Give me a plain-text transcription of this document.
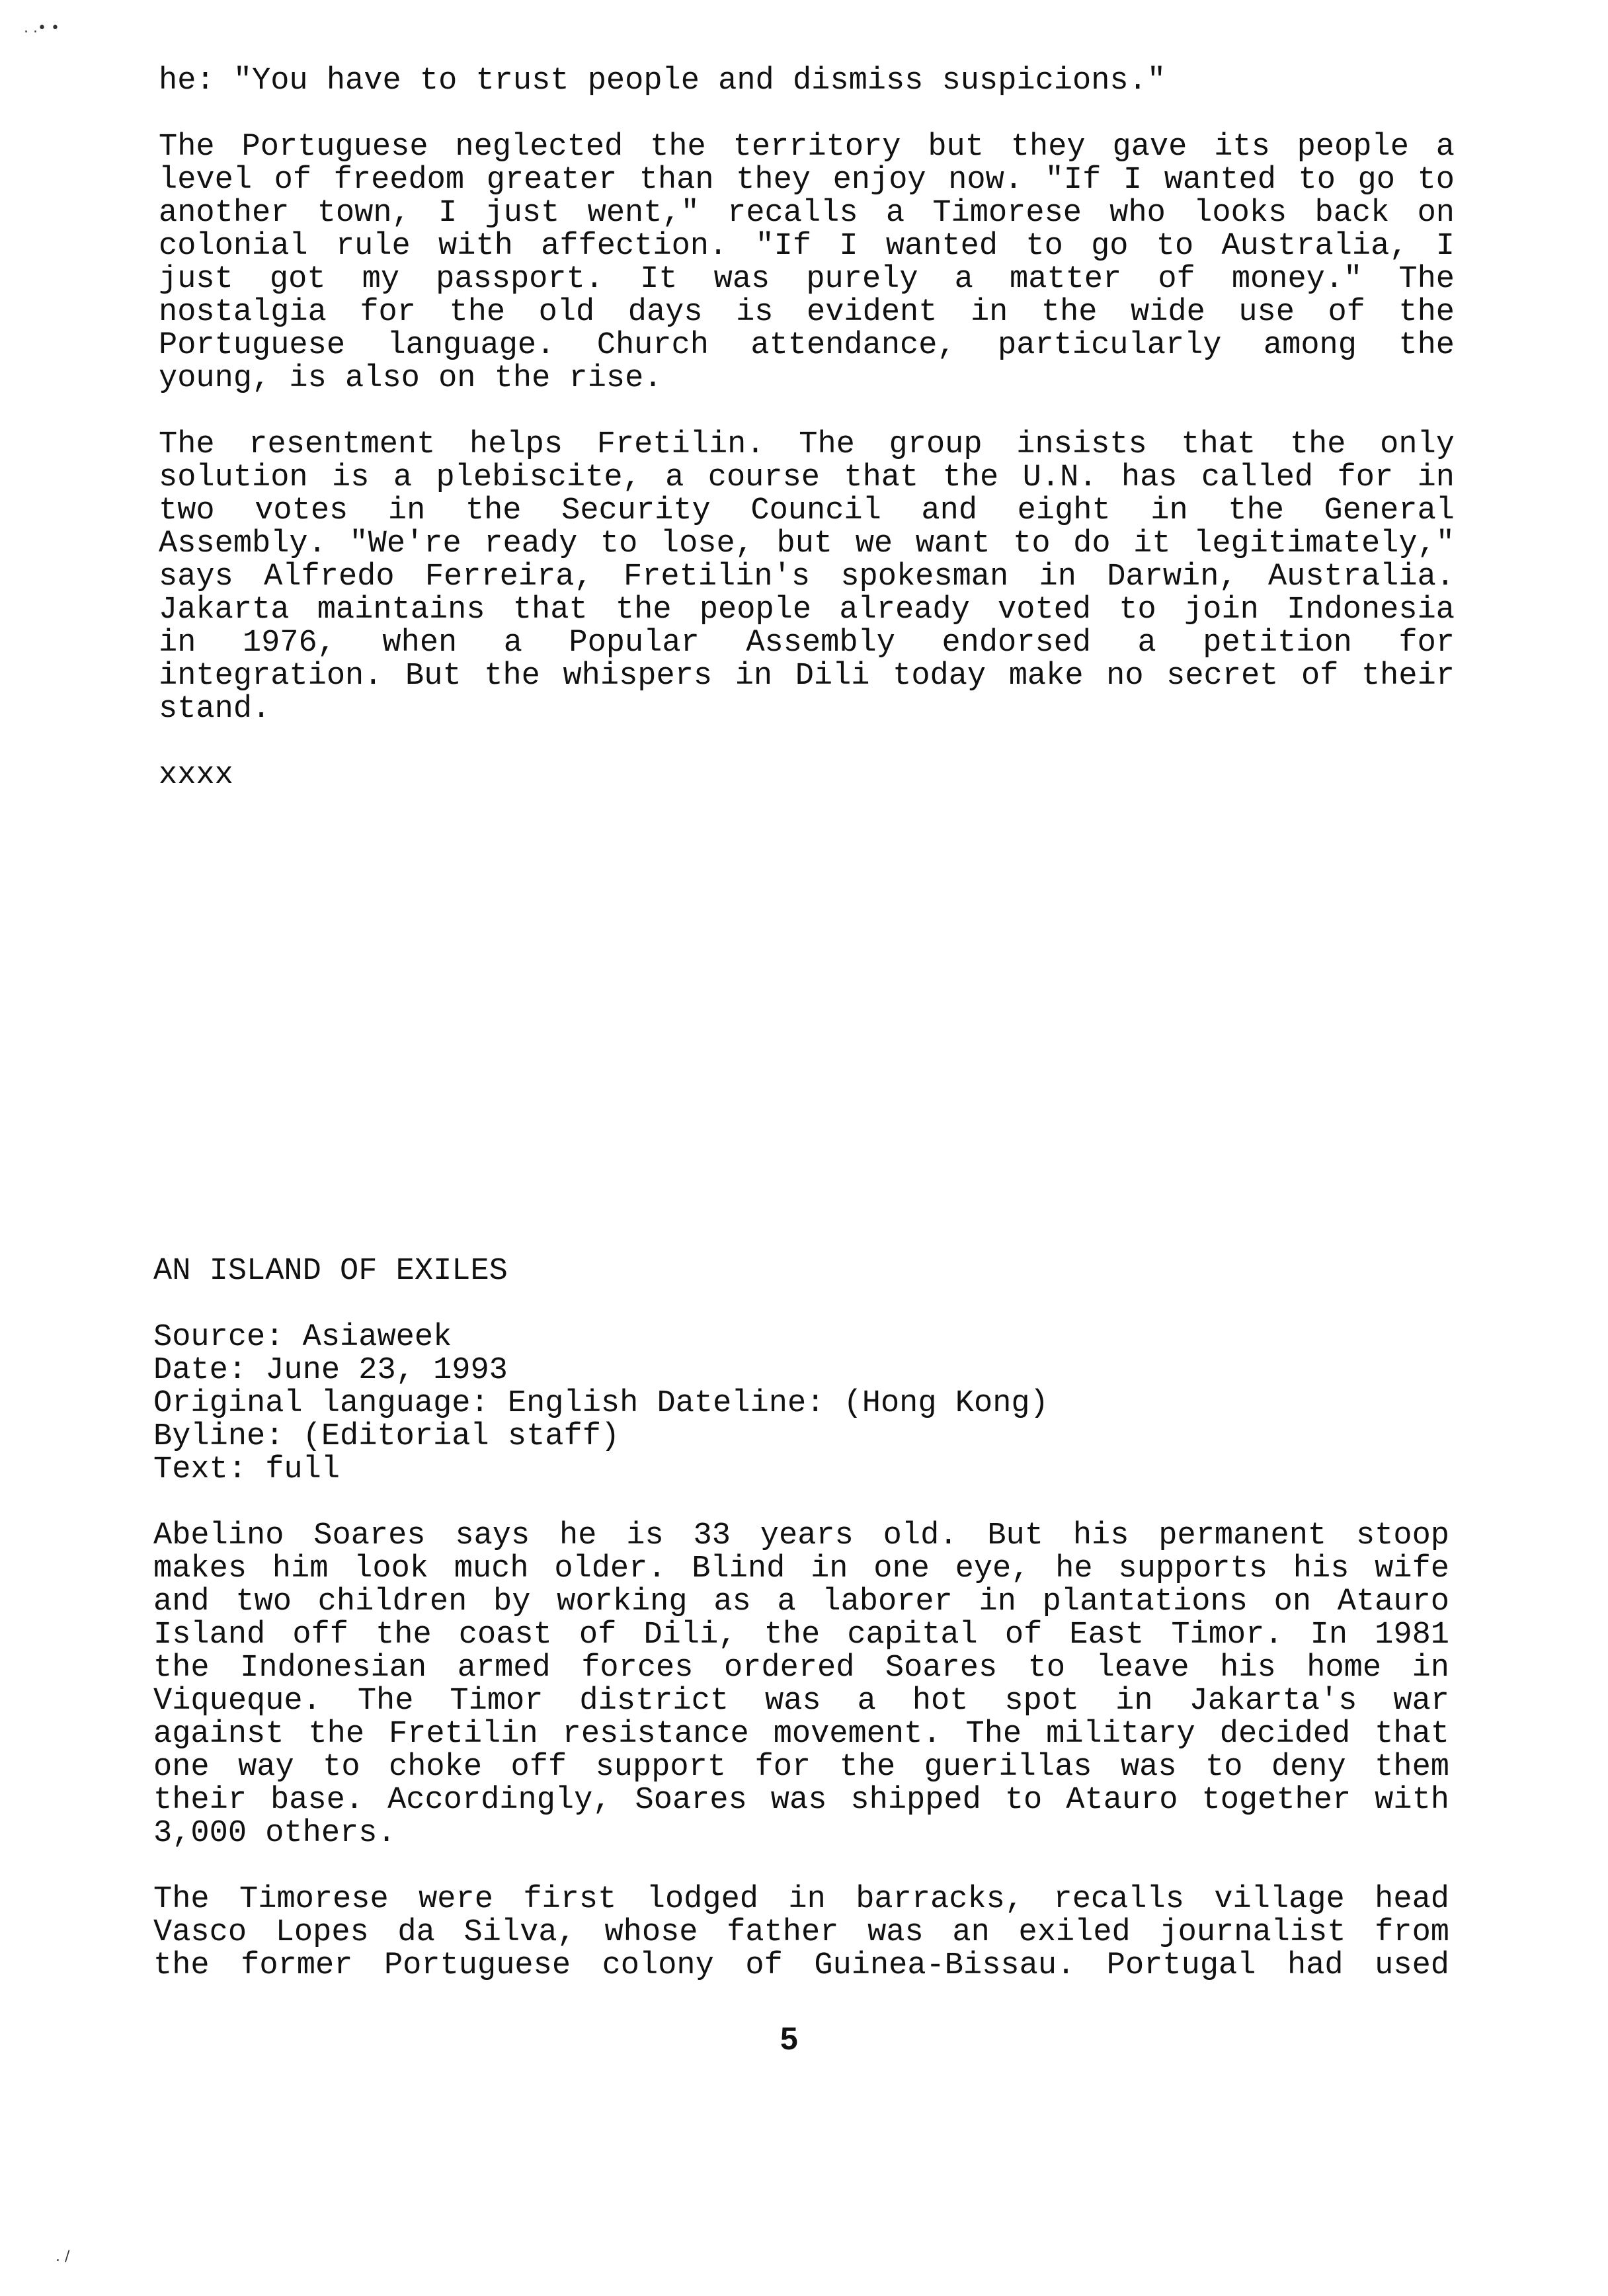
. .• •
. /
he: "You have to trust people and dismiss suspicions."
The Portuguese neglected the territory but they gave its people a
level of freedom greater than they enjoy now. "If I wanted to go to
another town, I just went," recalls a Timorese who looks back on
colonial rule with affection. "If I wanted to go to Australia, I
just got my passport. It was purely a matter of money." The
nostalgia for the old days is evident in the wide use of the
Portuguese language. Church attendance, particularly among the
young, is also on the rise.
The resentment helps Fretilin. The group insists that the only
solution is a plebiscite, a course that the U.N. has called for in
two votes in the Security Council and eight in the General
Assembly. "We're ready to lose, but we want to do it legitimately,"
says Alfredo Ferreira, Fretilin's spokesman in Darwin, Australia.
Jakarta maintains that the people already voted to join Indonesia
in 1976, when a Popular Assembly endorsed a petition for
integration. But the whispers in Dili today make no secret of their
stand.
xxxx
AN ISLAND OF EXILES
Source: Asiaweek
Date: June 23, 1993
Original language: English Dateline: (Hong Kong)
Byline: (Editorial staff)
Text: full
Abelino Soares says he is 33 years old. But his permanent stoop
makes him look much older. Blind in one eye, he supports his wife
and two children by working as a laborer in plantations on Atauro
Island off the coast of Dili, the capital of East Timor. In 1981
the Indonesian armed forces ordered Soares to leave his home in
Viqueque. The Timor district was a hot spot in Jakarta's war
against the Fretilin resistance movement. The military decided that
one way to choke off support for the guerillas was to deny them
their base. Accordingly, Soares was shipped to Atauro together with
3,000 others.
The Timorese were first lodged in barracks, recalls village head
Vasco Lopes da Silva, whose father was an exiled journalist from
the former Portuguese colony of Guinea-Bissau. Portugal had used
5
